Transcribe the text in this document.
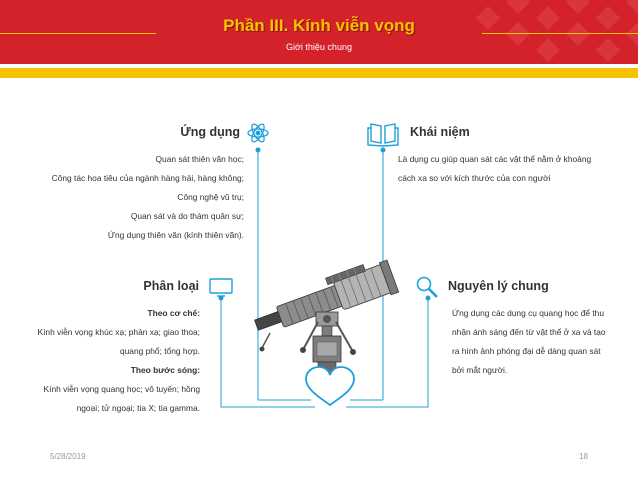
Phần III. Kính viễn vọng
Giới thiệu chung
Ứng dụng
Quan sát thiên văn học;
Công tác hoa tiêu của ngành hàng hải, hàng không;
Công nghệ vũ trụ;
Quan sát và do thám quân sự;
Ứng dụng thiên văn (kính thiên văn).
Khái niệm
Là dụng cụ giúp quan sát các vật thể nằm ở khoảng
cách xa so với kích thước của con người
Phân loại
Theo cơ chế:
Kính viễn vọng khúc xạ; phản xạ; giao thoa;
quang phổ; tổng hợp.
Theo bước sóng:
Kính viễn vọng quang học; vô tuyến; hồng
ngoại; tử ngoại; tia X; tia gamma.
Nguyên lý chung
Ứng dụng các dụng cụ quang học để thu
nhận ánh sáng đến từ vật thể ở xa và tạo
ra hình ảnh phóng đại dễ dàng quan sát
bởi mắt người.
5/28/2019	18
